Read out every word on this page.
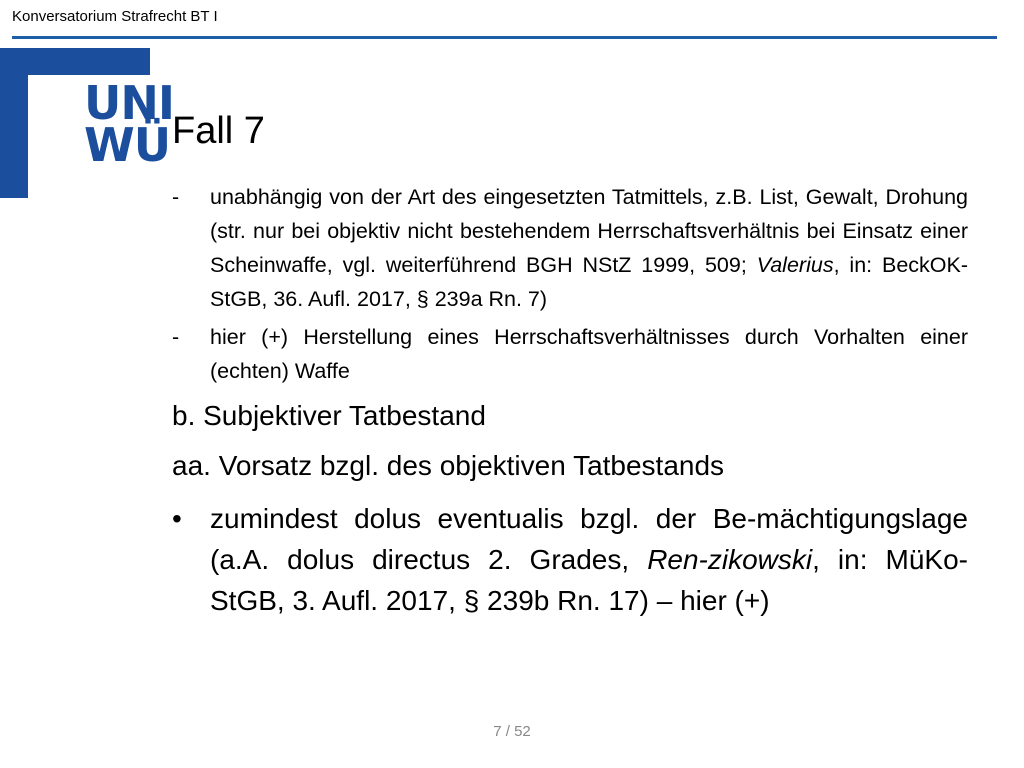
Konversatorium Strafrecht BT I
UNI
WÜ Fall 7
-	unabhängig von der Art des eingesetzten Tatmittels, z.B. List, Gewalt, Drohung (str. nur bei objektiv nicht bestehendem Herrschaftsverhältnis bei Einsatz einer Scheinwaffe, vgl. weiterführend BGH NStZ 1999, 509; Valerius, in: BeckOK-StGB, 36. Aufl. 2017, § 239a Rn. 7)
-	hier (+) Herstellung eines Herrschaftsverhältnisses durch Vorhalten einer (echten) Waffe
b. Subjektiver Tatbestand
aa. Vorsatz bzgl. des objektiven Tatbestands
•	zumindest dolus eventualis bzgl. der Be-mächtigungslage (a.A. dolus directus 2. Grades, Ren-zikowski, in: MüKo-StGB, 3. Aufl. 2017, § 239b Rn. 17) – hier (+)
7 / 52
